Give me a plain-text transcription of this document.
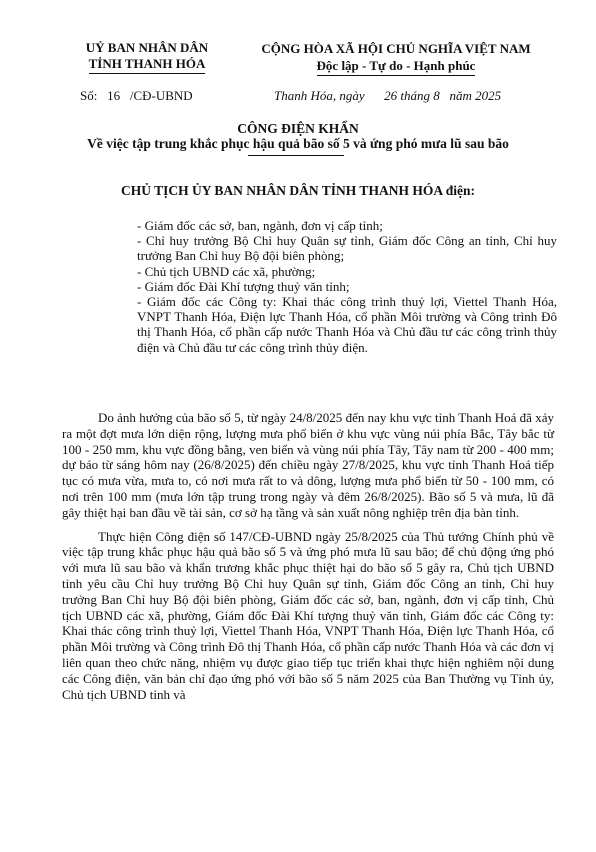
UỶ BAN NHÂN DÂN
TỈNH THANH HÓA
CỘNG HÒA XÃ HỘI CHỦ NGHĨA VIỆT NAM
Độc lập - Tự do - Hạnh phúc
Số:   16   /CĐ-UBND	Thanh Hóa, ngày      26 tháng 8   năm 2025
CÔNG ĐIỆN KHẨN
Về việc tập trung khắc phục hậu quả bão số 5 và ứng phó mưa lũ sau bão
CHỦ TỊCH ỦY BAN NHÂN DÂN TỈNH THANH HÓA điện:

- Giám đốc các sở, ban, ngành, đơn vị cấp tỉnh;

- Chỉ huy trưởng Bộ Chỉ huy Quân sự tỉnh, Giám đốc Công an tỉnh, Chỉ huy trưởng Ban Chỉ huy Bộ đội biên phòng;

- Chủ tịch UBND các xã, phường;

- Giám đốc Đài Khí tượng thuỷ văn tỉnh;

- Giám đốc các Công ty: Khai thác công trình thuỷ lợi, Viettel Thanh Hóa, VNPT Thanh Hóa, Điện lực Thanh Hóa, cổ phần Môi trường và Công trình Đô thị Thanh Hóa, cổ phần cấp nước Thanh Hóa và Chủ đầu tư các công trình thủy điện và Chủ đầu tư các công trình thủy điện.

Do ảnh hưởng của bão số 5, từ ngày 24/8/2025 đến nay khu vực tỉnh Thanh Hoá đã xảy ra một đợt mưa lớn diện rộng, lượng mưa phổ biến ở khu vực vùng núi phía Bắc, Tây bắc từ 100 - 250 mm, khu vực đồng bằng, ven biển và vùng núi phía Tây, Tây nam từ 200 - 400 mm; dự báo từ sáng hôm nay (26/8/2025) đến chiều ngày 27/8/2025, khu vực tỉnh Thanh Hoá tiếp tục có mưa vừa, mưa to, có nơi mưa rất to và dông, lượng mưa phổ biến từ 50 - 100 mm, có nơi trên 100 mm (mưa lớn tập trung trong ngày và đêm 26/8/2025). Bão số 5 và mưa, lũ đã gây thiệt hại ban đầu về tài sản, cơ sở hạ tầng và sản xuất nông nghiệp trên địa bàn tỉnh.

Thực hiện Công điện số 147/CĐ-UBND ngày 25/8/2025 của Thủ tướng Chính phủ về việc tập trung khắc phục hậu quả bão số 5 và ứng phó mưa lũ sau bão; để chủ động ứng phó với mưa lũ sau bão và khẩn trương khắc phục thiệt hại do bão số 5 gây ra, Chủ tịch UBND tỉnh yêu cầu Chỉ huy trưởng Bộ Chỉ huy Quân sự tỉnh, Giám đốc Công an tỉnh, Chỉ huy trưởng Ban Chỉ huy Bộ đội biên phòng, Giám đốc các sở, ban, ngành, đơn vị cấp tỉnh, Chủ tịch UBND các xã, phường, Giám đốc Đài Khí tượng thuỷ văn tỉnh, Giám đốc các Công ty: Khai thác công trình thuỷ lợi, Viettel Thanh Hóa, VNPT Thanh Hóa, Điện lực Thanh Hóa, cổ phần Môi trường và Công trình Đô thị Thanh Hóa, cổ phần cấp nước Thanh Hóa và các đơn vị liên quan theo chức năng, nhiệm vụ được giao tiếp tục triển khai thực hiện nghiêm nội dung các Công điện, văn bản chỉ đạo ứng phó với bão số 5 năm 2025 của Ban Thường vụ Tỉnh ủy, Chủ tịch UBND tỉnh và
